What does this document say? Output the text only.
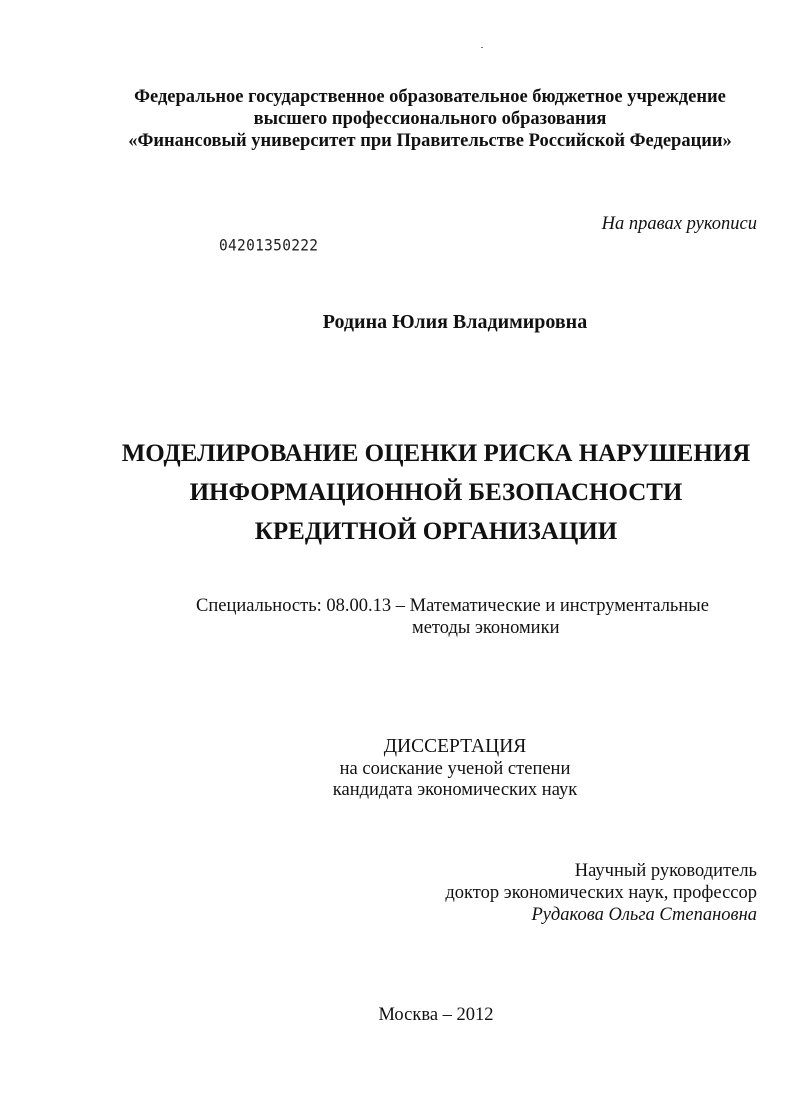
Федеральное государственное образовательное бюджетное учреждение
высшего профессионального образования
«Финансовый университет при Правительстве Российской Федерации»
На правах рукописи
04201350222
Родина Юлия Владимировна
МОДЕЛИРОВАНИЕ ОЦЕНКИ РИСКА НАРУШЕНИЯ
ИНФОРМАЦИОННОЙ БЕЗОПАСНОСТИ
КРЕДИТНОЙ ОРГАНИЗАЦИИ
Специальность: 08.00.13 – Математические и инструментальные
методы экономики
ДИССЕРТАЦИЯ
на соискание ученой степени
кандидата экономических наук
Научный руководитель
доктор экономических наук, профессор
Рудакова Ольга Степановна
Москва – 2012
